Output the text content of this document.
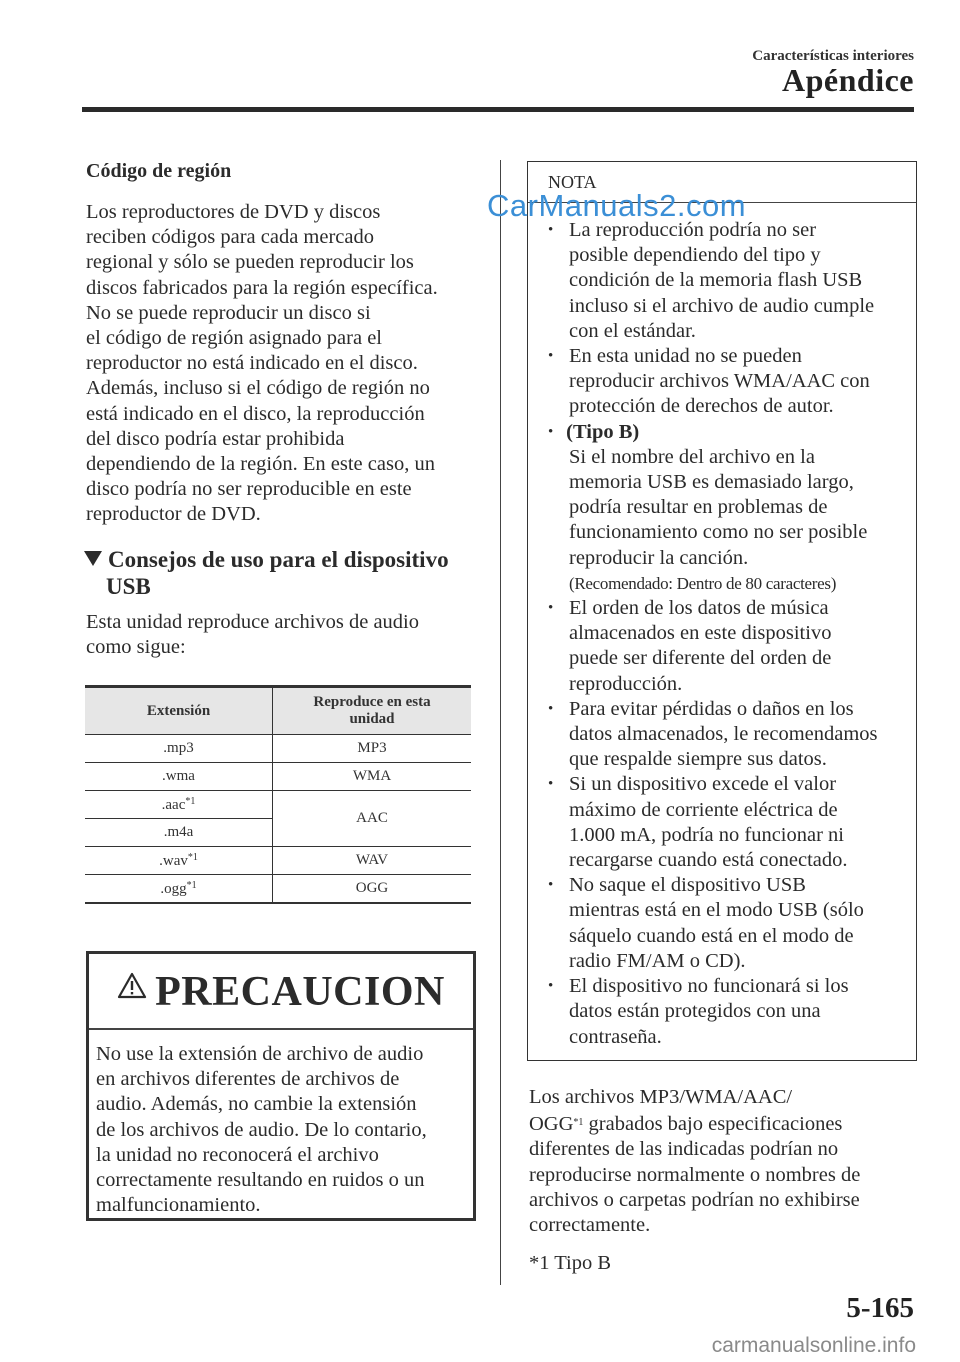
Características interiores
Apéndice
Código de región
Los reproductores de DVD y discos
reciben códigos para cada mercado
regional y sólo se pueden reproducir los
discos fabricados para la región específica.
No se puede reproducir un disco si
el código de región asignado para el
reproductor no está indicado en el disco.
Además, incluso si el código de región no
está indicado en el disco, la reproducción
del disco podría estar prohibida
dependiendo de la región. En este caso, un
disco podría no ser reproducible en este
reproductor de DVD.
Consejos de uso para el dispositivo
USB
Esta unidad reproduce archivos de audio
como sigue:
Extensión	Reproduce en esta unidad

.mp3	MP3
.wma	WMA
.aac$^{*1}$	AAC
.m4a	
.wav$^{*1}$	WAV
.ogg$^{*1}$	OGG
PRECAUCION
No use la extensión de archivo de audio
en archivos diferentes de archivos de
audio. Además, no cambie la extensión
de los archivos de audio. De lo contario,
la unidad no reconocerá el archivo
correctamente resultando en ruidos o un
malfuncionamiento.
NOTA
• La reproducción podría no ser
posible dependiendo del tipo y
condición de la memoria flash USB
incluso si el archivo de audio cumple
con el estándar.
• En esta unidad no se pueden
reproducir archivos WMA/AAC con
protección de derechos de autor.
• (Tipo B)
Si el nombre del archivo en la
memoria USB es demasiado largo,
podría resultar en problemas de
funcionamiento como no ser posible
reproducir la canción.
(Recomendado: Dentro de 80 caracteres)
• El orden de los datos de música
almacenados en este dispositivo
puede ser diferente del orden de
reproducción.
• Para evitar pérdidas o daños en los
datos almacenados, le recomendamos
que respalde siempre sus datos.
• Si un dispositivo excede el valor
máximo de corriente eléctrica de
1.000 mA, podría no funcionar ni
recargarse cuando está conectado.
• No saque el dispositivo USB
mientras está en el modo USB (sólo
sáquelo cuando está en el modo de
radio FM/AM o CD).
• El dispositivo no funcionará si los
datos están protegidos con una
contraseña.
CarManuals2.com
Los archivos MP3/WMA/AAC/
OGG$^{*1}$ grabados bajo especificaciones
diferentes de las indicadas podrían no
reproducirse normalmente o nombres de
archivos o carpetas podrían no exhibirse
correctamente.
*1 Tipo B
5-165
carmanualsonline.info
